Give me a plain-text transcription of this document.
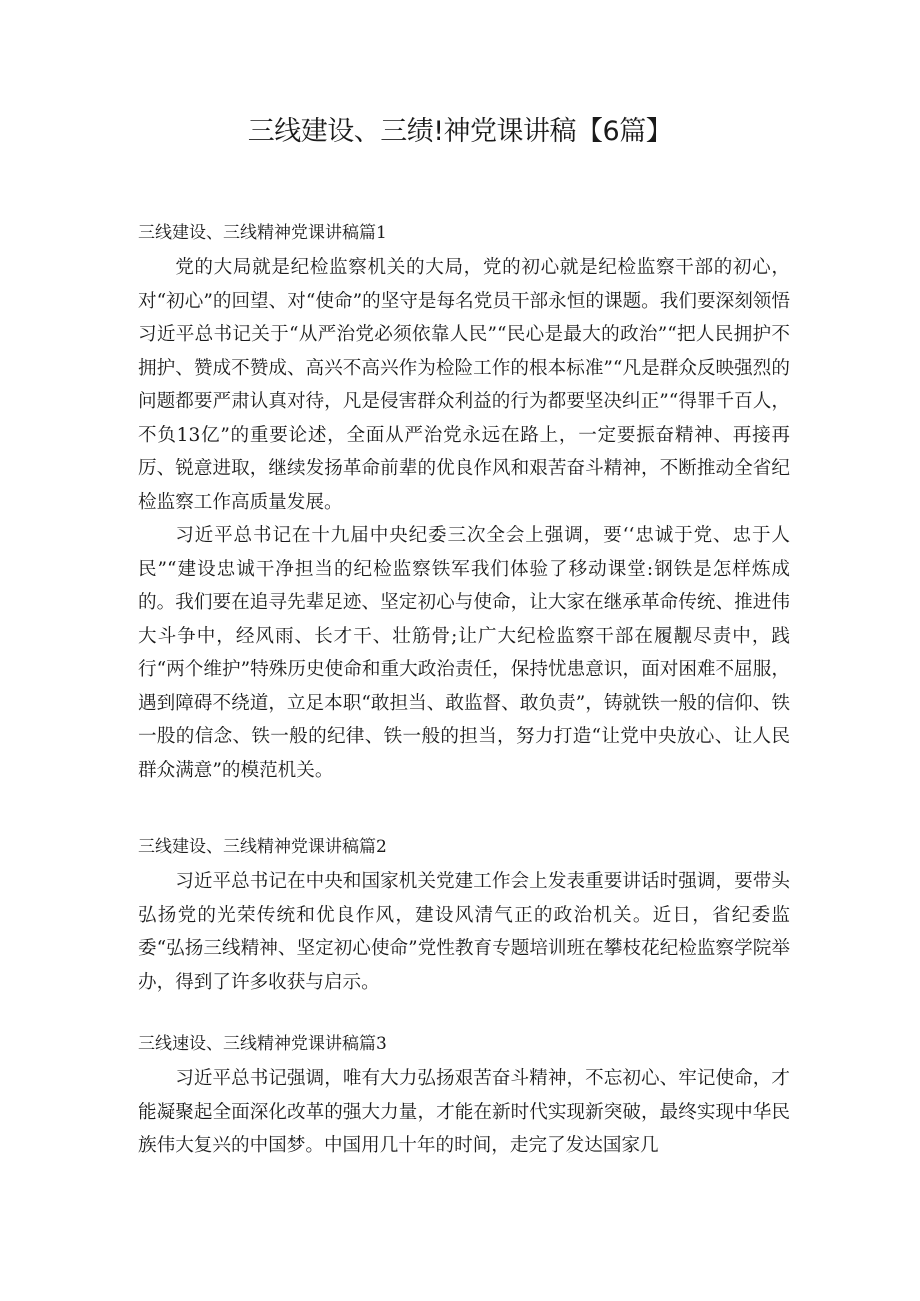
三线建设、三绩!神党课讲稿【6篇】
三线建设、三线精神党课讲稿篇1

党的大局就是纪检监察机关的大局，党的初心就是纪检监察干部的初心，对“初心”的回望、对“使命”的坚守是每名党员干部永恒的课题。我们要深刻领悟习近平总书记关于“从严治党必须依靠人民”“民心是最大的政治”“把人民拥护不拥护、赞成不赞成、高兴不高兴作为检险工作的根本标准”“凡是群众反映强烈的问题都要严肃认真对待，凡是侵害群众利益的行为都要坚决纠正”“得罪千百人，不负13亿”的重要论述，全面从严治党永远在路上，一定要振奋精神、再接再厉、锐意进取，继续发扬革命前辈的优良作风和艰苦奋斗精神，不断推动全省纪检监察工作高质量发展。

习近平总书记在十九届中央纪委三次全会上强调，要‘‘忠诚于党、忠于人民”“建设忠诚干净担当的纪检监察铁军我们体验了移动课堂:钢铁是怎样炼成的。我们要在追寻先辈足迹、坚定初心与使命，让大家在继承革命传统、推进伟大斗争中，经风雨、长才干、壮筋骨;让广大纪检监察干部在履觏尽责中，践行“两个维护”特殊历史使命和重大政治责任，保持忧患意识，面对困难不屈服，遇到障碍不绕道，立足本职“敢担当、敢监督、敢负责”，铸就铁一般的信仰、铁一股的信念、铁一般的纪律、铁一般的担当，努力打造“让党中央放心、让人民群众满意”的模范机关。

三线建设、三线精神党课讲稿篇2

习近平总书记在中央和国家机关党建工作会上发表重要讲话时强调，要带头弘扬党的光荣传统和优良作风，建设风清气正的政治机关。近日，省纪委监委“弘扬三线精神、坚定初心使命”党性教育专题培训班在攀枝花纪检监察学院举办，得到了许多收获与启示。

三线速设、三线精神党课讲稿篇3

习近平总书记强调，唯有大力弘扬艰苦奋斗精神，不忘初心、牢记使命，才能凝聚起全面深化改革的强大力量，才能在新时代实现新突破，最终实现中华民族伟大复兴的中国梦。中国用几十年的时间，走完了发达国家几
